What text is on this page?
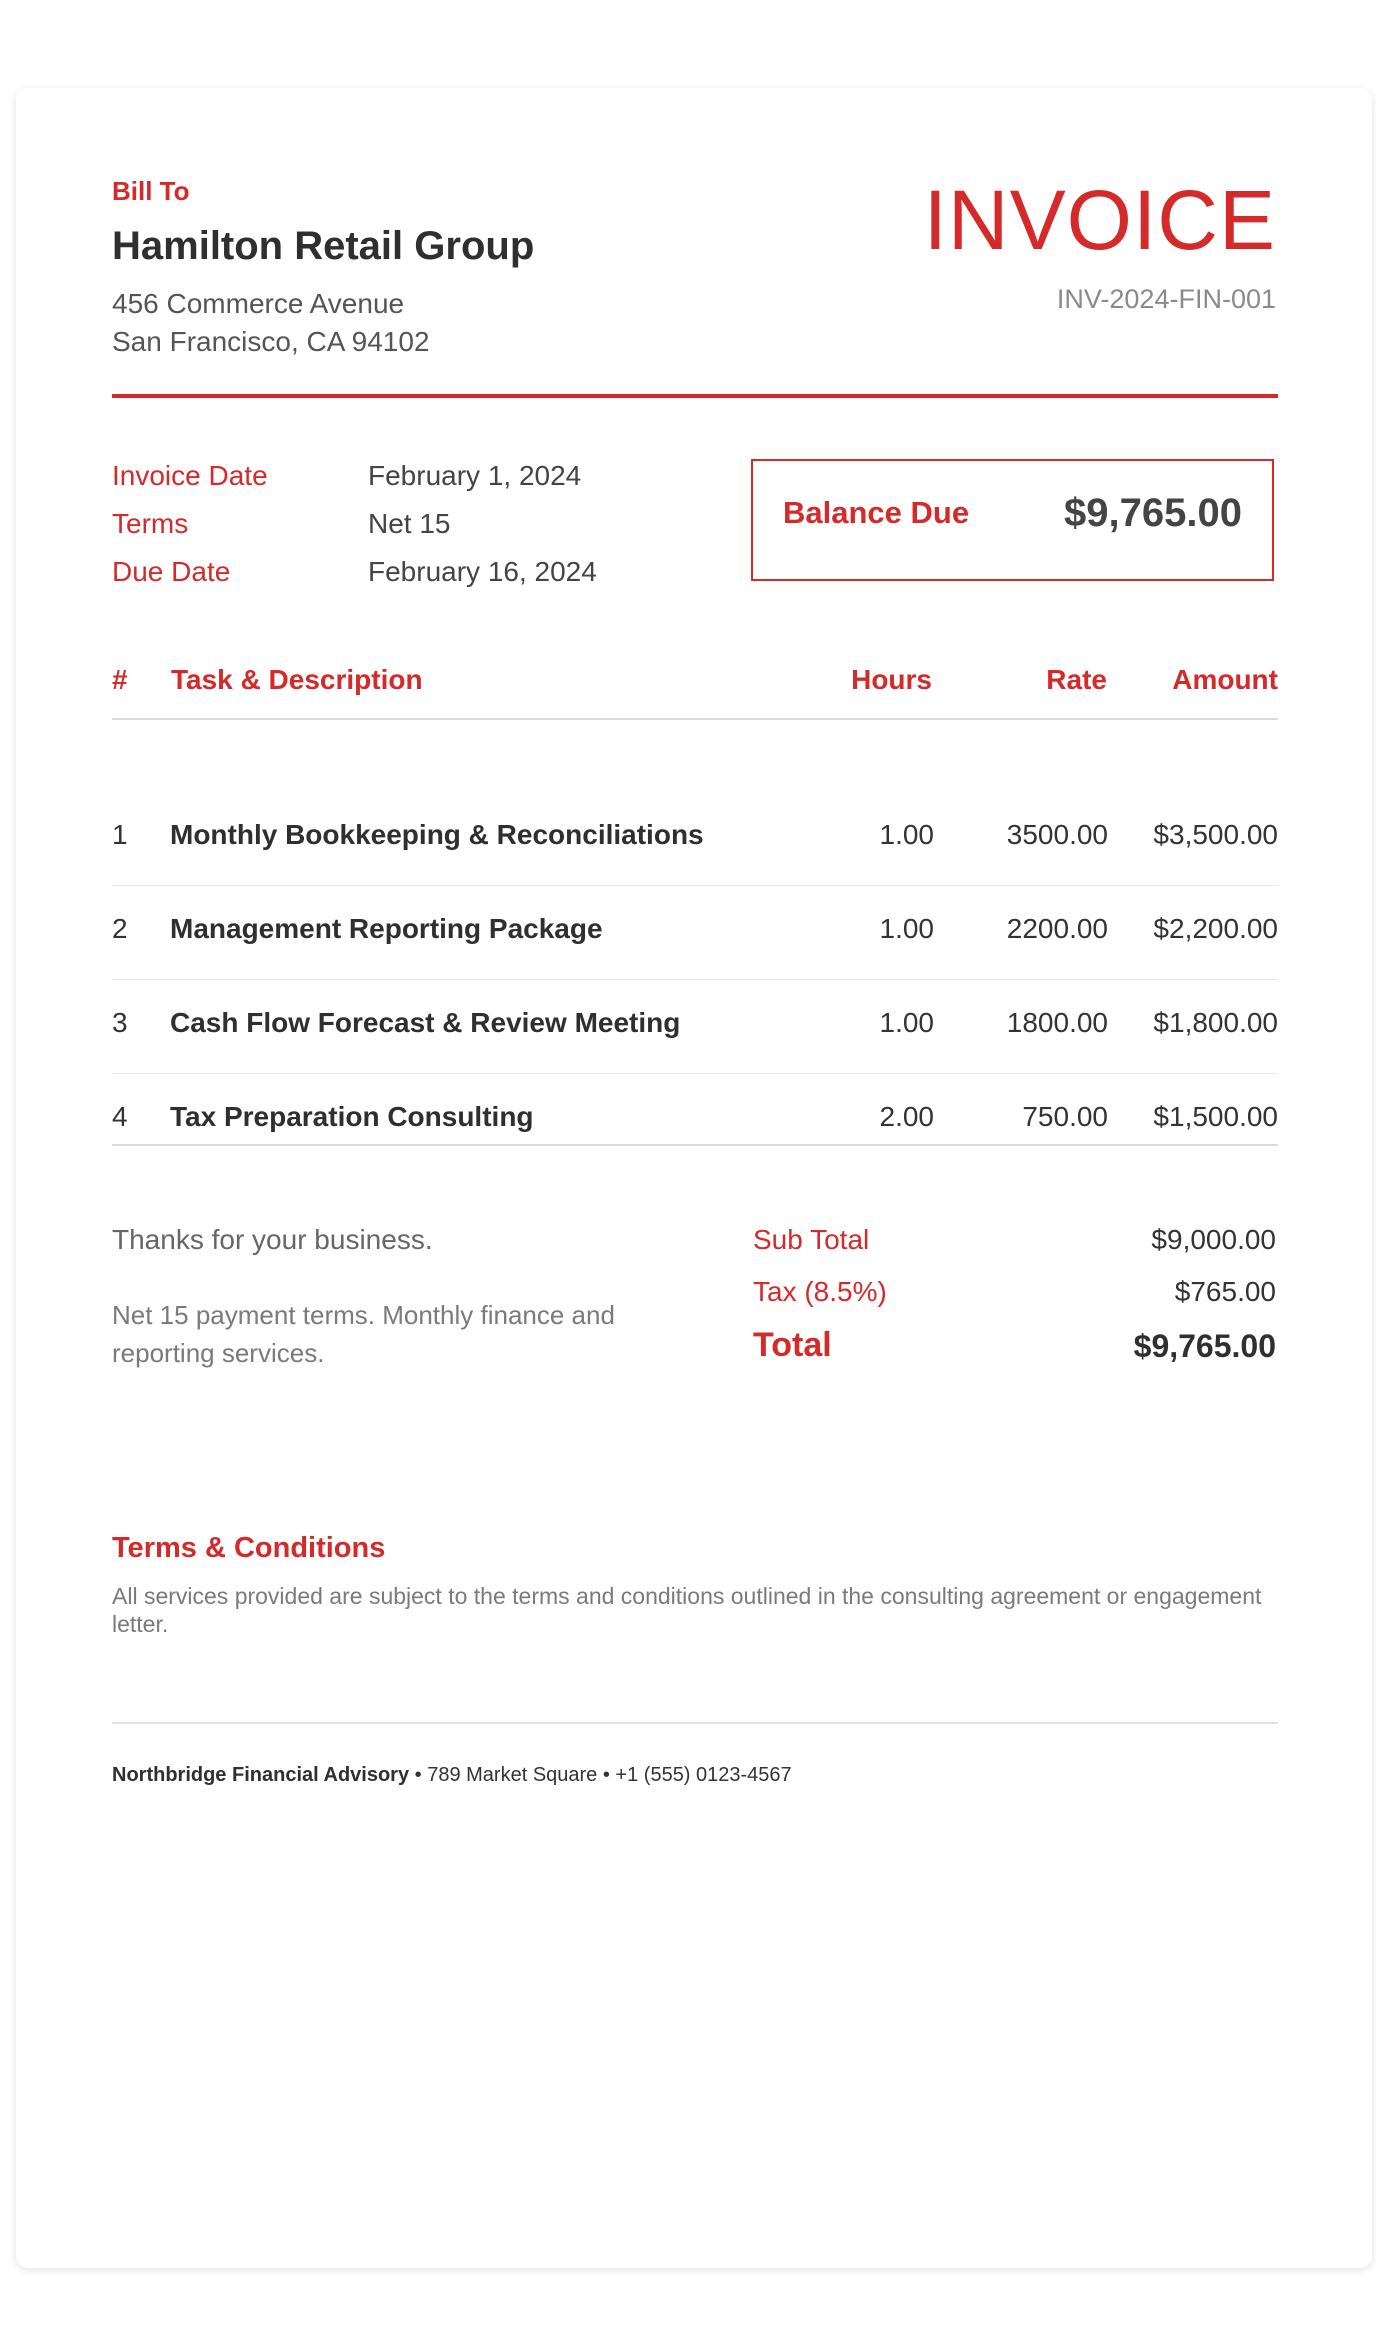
Bill To
Hamilton Retail Group
456 Commerce Avenue
San Francisco, CA 94102
INVOICE
INV-2024-FIN-001
Invoice Date	February 1, 2024
Terms	Net 15
Due Date	February 16, 2024
Balance Due $9,765.00
# Task & Description	Hours	Rate Amount
1 Monthly Bookkeeping & Reconciliations	1.00	3500.00 $3,500.00
2 Management Reporting Package	1.00	2200.00 $2,200.00
3 Cash Flow Forecast & Review Meeting	1.00	1800.00 $1,800.00
4 Tax Preparation Consulting	2.00	750.00 $1,500.00
Thanks for your business.
Net 15 payment terms. Monthly finance and reporting services.
Sub Total	$9,000.00
Tax (8.5%)	$765.00
Total	$9,765.00
Terms & Conditions
All services provided are subject to the terms and conditions outlined in the consulting agreement or engagement letter.
Northbridge Financial Advisory • 789 Market Square • +1 (555) 0123-4567
